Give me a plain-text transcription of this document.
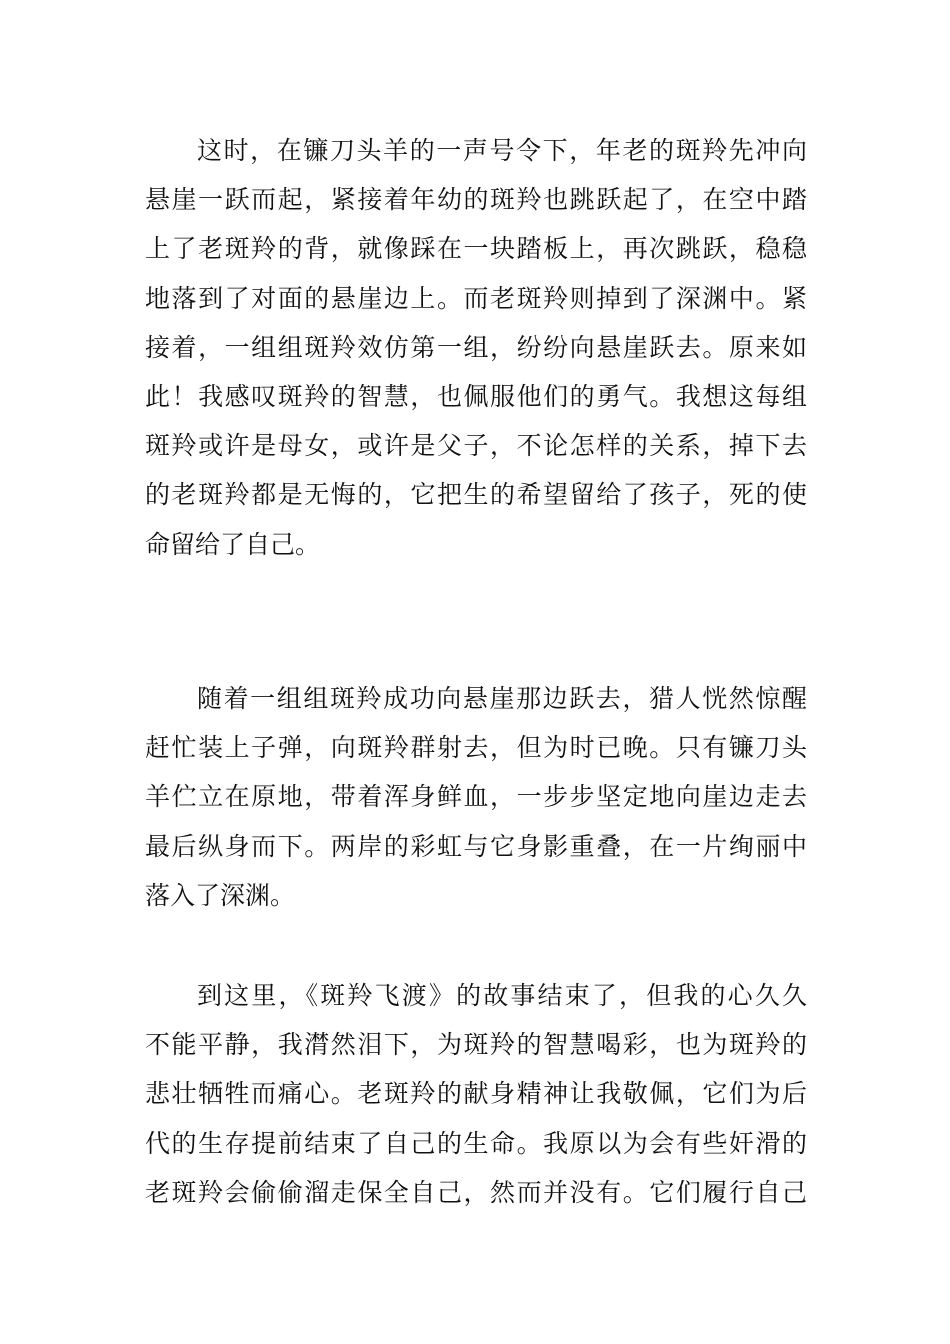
这时，在镰刀头羊的一声号令下，年老的斑羚先冲向
悬崖一跃而起，紧接着年幼的斑羚也跳跃起了，在空中踏
上了老斑羚的背，就像踩在一块踏板上，再次跳跃，稳稳
地落到了对面的悬崖边上。而老斑羚则掉到了深渊中。紧
接着，一组组斑羚效仿第一组，纷纷向悬崖跃去。原来如
此！我感叹斑羚的智慧，也佩服他们的勇气。我想这每组
斑羚或许是母女，或许是父子，不论怎样的关系，掉下去
的老斑羚都是无悔的，它把生的希望留给了孩子，死的使
命留给了自己。
随着一组组斑羚成功向悬崖那边跃去，猎人恍然惊醒
赶忙装上子弹，向斑羚群射去，但为时已晚。只有镰刀头
羊伫立在原地，带着浑身鲜血，一步步坚定地向崖边走去
最后纵身而下。两岸的彩虹与它身影重叠，在一片绚丽中
落入了深渊。
到这里，《斑羚飞渡》的故事结束了，但我的心久久
不能平静，我潸然泪下，为斑羚的智慧喝彩，也为斑羚的
悲壮牺牲而痛心。老斑羚的献身精神让我敬佩，它们为后
代的生存提前结束了自己的生命。我原以为会有些奸滑的
老斑羚会偷偷溜走保全自己，然而并没有。它们履行自己
